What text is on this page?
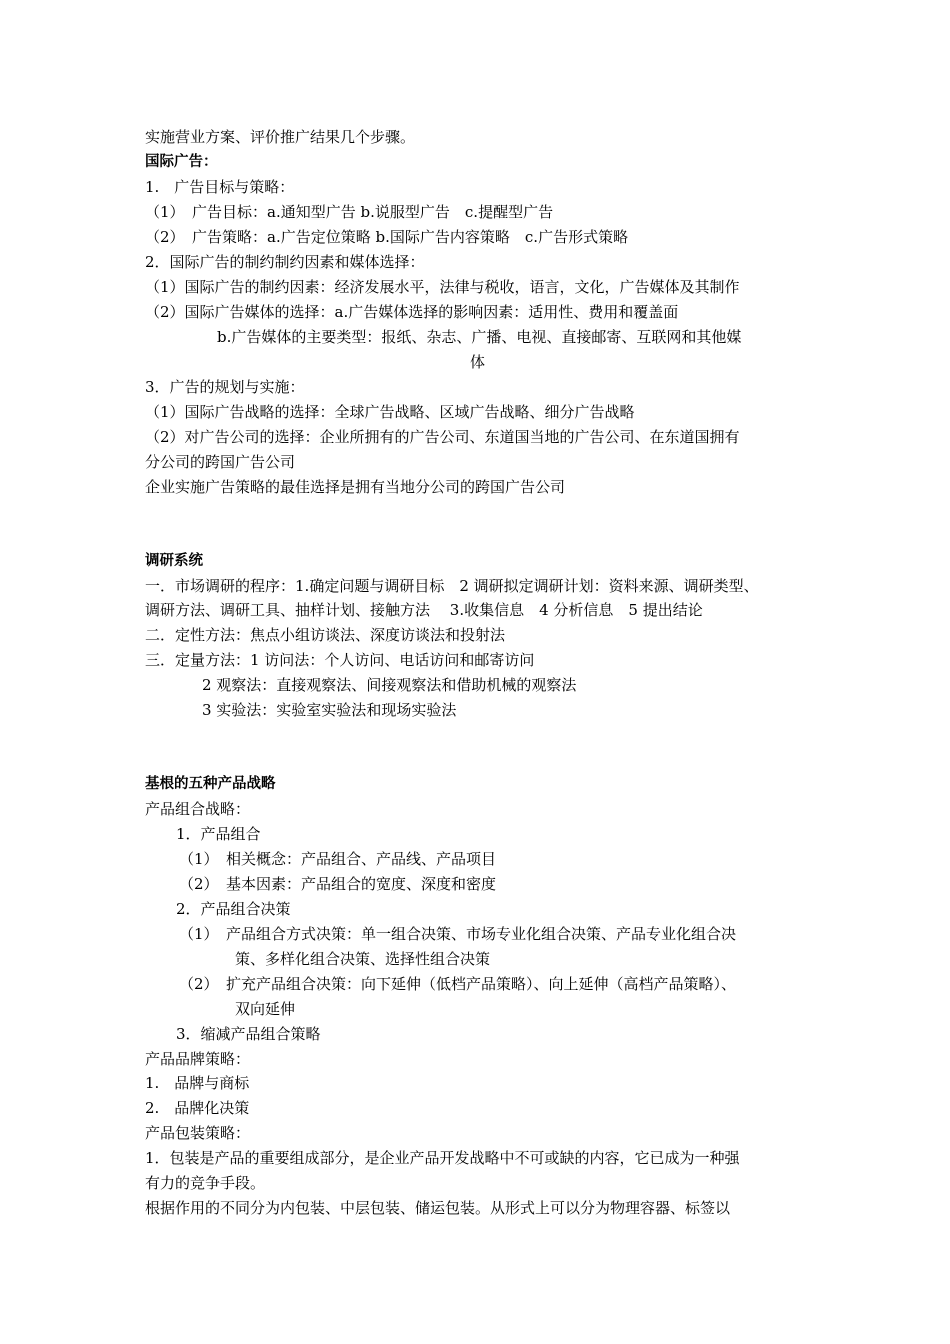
实施营业方案、评价推广结果几个步骤。
国际广告：
1.　广告目标与策略：
（1）　广告目标：a.通知型广告 b.说服型广告　c.提醒型广告
（2）　广告策略：a.广告定位策略 b.国际广告内容策略　c.广告形式策略
2．国际广告的制约制约因素和媒体选择：
（1）国际广告的制约因素：经济发展水平，法律与税收，语言，文化，广告媒体及其制作
（2）国际广告媒体的选择：a.广告媒体选择的影响因素：适用性、费用和覆盖面
b.广告媒体的主要类型：报纸、杂志、广播、电视、直接邮寄、互联网和其他媒
体
3．广告的规划与实施：
（1）国际广告战略的选择：全球广告战略、区域广告战略、细分广告战略
（2）对广告公司的选择：企业所拥有的广告公司、东道国当地的广告公司、在东道国拥有
分公司的跨国广告公司
企业实施广告策略的最佳选择是拥有当地分公司的跨国广告公司
调研系统
一．市场调研的程序：1.确定问题与调研目标　2 调研拟定调研计划：资料来源、调研类型、
调研方法、调研工具、抽样计划、接触方法　 3.收集信息　4 分析信息　5 提出结论
二．定性方法：焦点小组访谈法、深度访谈法和投射法
三．定量方法：1 访问法：个人访问、电话访问和邮寄访问
2 观察法：直接观察法、间接观察法和借助机械的观察法
3 实验法：实验室实验法和现场实验法
基根的五种产品战略
产品组合战略：
1．产品组合
（1）　相关概念：产品组合、产品线、产品项目
（2）　基本因素：产品组合的宽度、深度和密度
2．产品组合决策
（1）　产品组合方式决策：单一组合决策、市场专业化组合决策、产品专业化组合决
策、多样化组合决策、选择性组合决策
（2）　扩充产品组合决策：向下延伸（低档产品策略）、向上延伸（高档产品策略）、
双向延伸
3．缩减产品组合策略
产品品牌策略：
1.　品牌与商标
2.　品牌化决策
产品包装策略：
1．包装是产品的重要组成部分，是企业产品开发战略中不可或缺的内容，它已成为一种强
有力的竞争手段。
根据作用的不同分为内包装、中层包装、储运包装。从形式上可以分为物理容器、标签以
